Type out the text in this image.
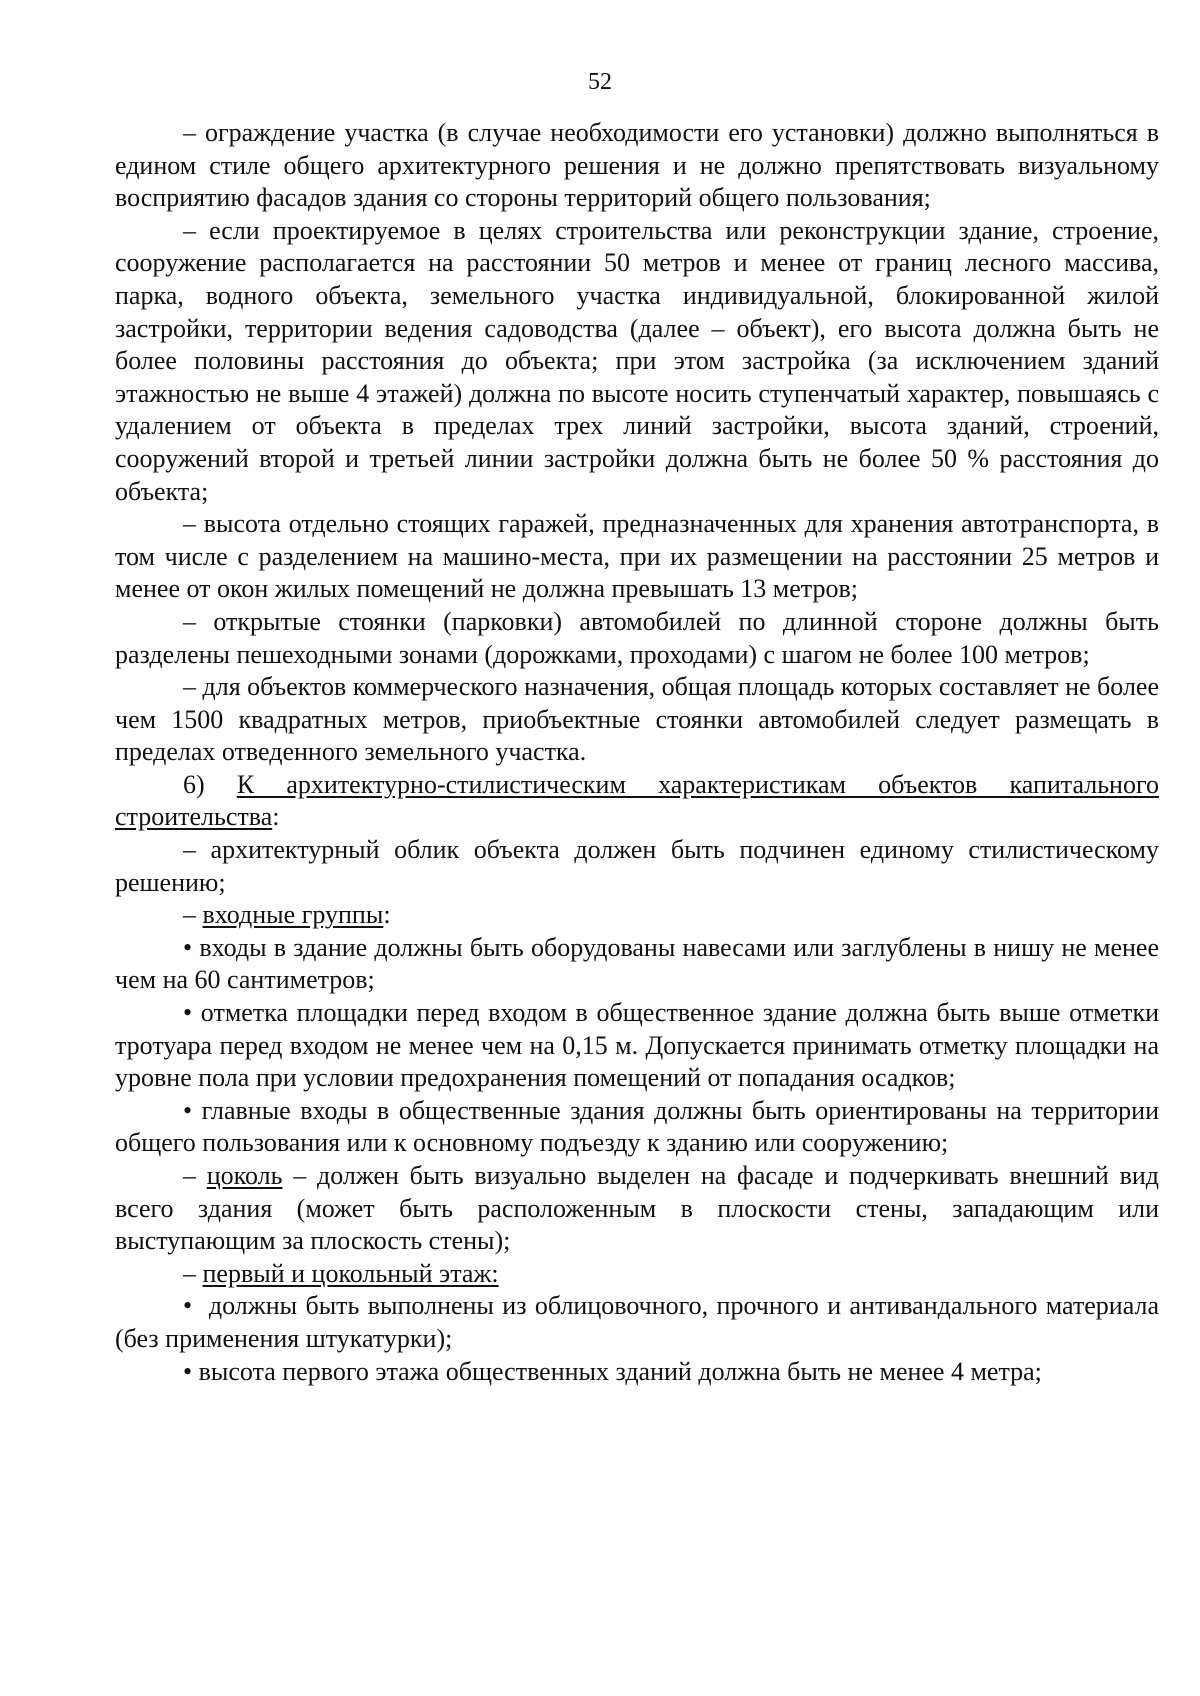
52

– ограждение участка (в случае необходимости его установки) должно выполняться в едином стиле общего архитектурного решения и не должно препятствовать визуальному восприятию фасадов здания со стороны территорий общего пользования;

– если проектируемое в целях строительства или реконструкции здание, строение, сооружение располагается на расстоянии 50 метров и менее от границ лесного массива, парка, водного объекта, земельного участка индивидуальной, блокированной жилой застройки, территории ведения садоводства (далее – объект), его высота должна быть не более половины расстояния до объекта; при этом застройка (за исключением зданий этажностью не выше 4 этажей) должна по высоте носить ступенчатый характер, повышаясь с удалением от объекта в пределах трех линий застройки, высота зданий, строений, сооружений второй и третьей линии застройки должна быть не более 50 % расстояния до объекта;

– высота отдельно стоящих гаражей, предназначенных для хранения автотранспорта, в том числе с разделением на машино-места, при их размещении на расстоянии 25 метров и менее от окон жилых помещений не должна превышать 13 метров;

– открытые стоянки (парковки) автомобилей по длинной стороне должны быть разделены пешеходными зонами (дорожками, проходами) с шагом не более 100 метров;

– для объектов коммерческого назначения, общая площадь которых составляет не более чем 1500 квадратных метров, приобъектные стоянки автомобилей следует размещать в пределах отведенного земельного участка.

6) К архитектурно-стилистическим характеристикам объектов капитального строительства:

– архитектурный облик объекта должен быть подчинен единому стилистическому решению;

– входные группы:

• входы в здание должны быть оборудованы навесами или заглублены в нишу не менее чем на 60 сантиметров;

• отметка площадки перед входом в общественное здание должна быть выше отметки тротуара перед входом не менее чем на 0,15 м. Допускается принимать отметку площадки на уровне пола при условии предохранения помещений от попадания осадков;

• главные входы в общественные здания должны быть ориентированы на территории общего пользования или к основному подъезду к зданию или сооружению;

– цоколь – должен быть визуально выделен на фасаде и подчеркивать внешний вид всего здания (может быть расположенным в плоскости стены, западающим или выступающим за плоскость стены);

– первый и цокольный этаж:

•  должны быть выполнены из облицовочного, прочного и антивандального материала (без применения штукатурки);

• высота первого этажа общественных зданий должна быть не менее 4 метра;
